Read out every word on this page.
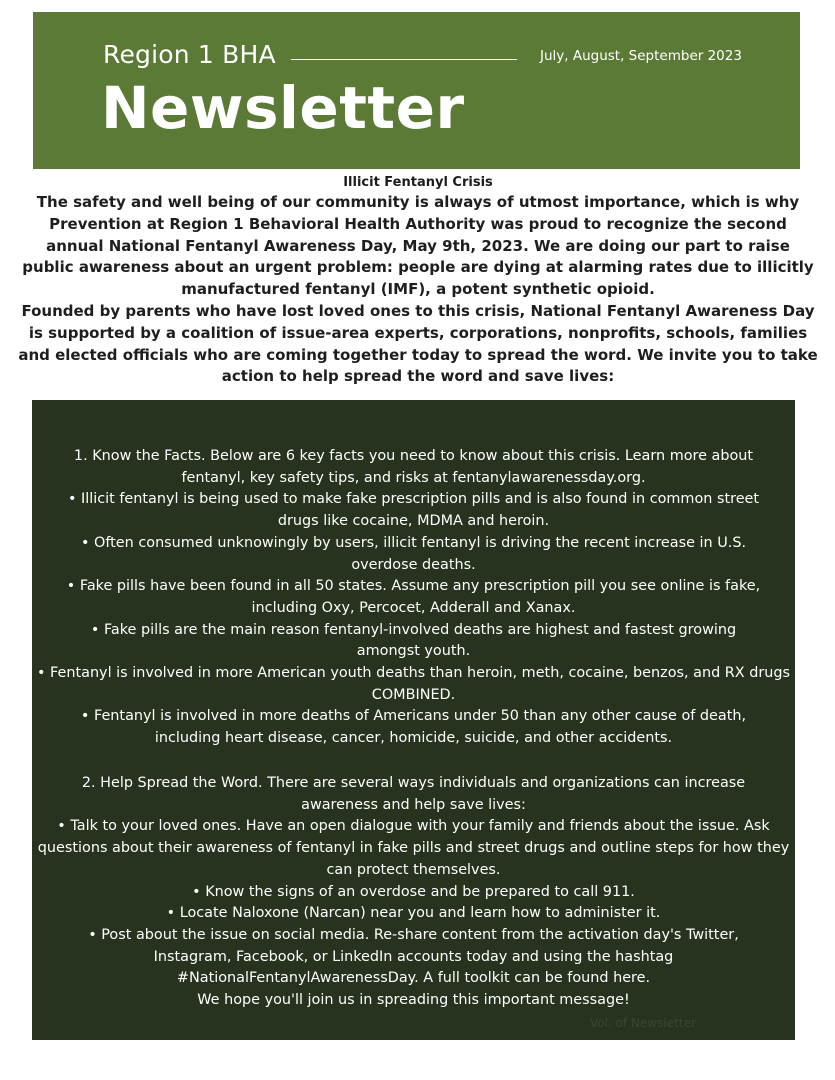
Region 1 BHA	July, August, September 2023
Newsletter
Illicit Fentanyl Crisis

The safety and well being of our community is always of utmost importance, which is why Prevention at Region 1 Behavioral Health Authority was proud to recognize the second annual National Fentanyl Awareness Day, May 9th, 2023. We are doing our part to raise public awareness about an urgent problem: people are dying at alarming rates due to illicitly manufactured fentanyl (IMF), a potent synthetic opioid.

Founded by parents who have lost loved ones to this crisis, National Fentanyl Awareness Day is supported by a coalition of issue-area experts, corporations, nonprofits, schools, families and elected officials who are coming together today to spread the word. We invite you to take action to help spread the word and save lives:

1. Know the Facts. Below are 6 key facts you need to know about this crisis. Learn more about fentanyl, key safety tips, and risks at fentanylawarenessday.org.
• Illicit fentanyl is being used to make fake prescription pills and is also found in common street drugs like cocaine, MDMA and heroin.
• Often consumed unknowingly by users, illicit fentanyl is driving the recent increase in U.S. overdose deaths.
• Fake pills have been found in all 50 states. Assume any prescription pill you see online is fake, including Oxy, Percocet, Adderall and Xanax.
• Fake pills are the main reason fentanyl-involved deaths are highest and fastest growing amongst youth.
• Fentanyl is involved in more American youth deaths than heroin, meth, cocaine, benzos, and RX drugs COMBINED.
• Fentanyl is involved in more deaths of Americans under 50 than any other cause of death, including heart disease, cancer, homicide, suicide, and other accidents.
2. Help Spread the Word. There are several ways individuals and organizations can increase awareness and help save lives:
• Talk to your loved ones. Have an open dialogue with your family and friends about the issue. Ask questions about their awareness of fentanyl in fake pills and street drugs and outline steps for how they can protect themselves.
• Know the signs of an overdose and be prepared to call 911.
• Locate Naloxone (Narcan) near you and learn how to administer it.
• Post about the issue on social media. Re-share content from the activation day's Twitter, Instagram, Facebook, or LinkedIn accounts today and using the hashtag #NationalFentanylAwarenessDay. A full toolkit can be found here.
We hope you'll join us in spreading this important message!
Vol. of Newsletter
